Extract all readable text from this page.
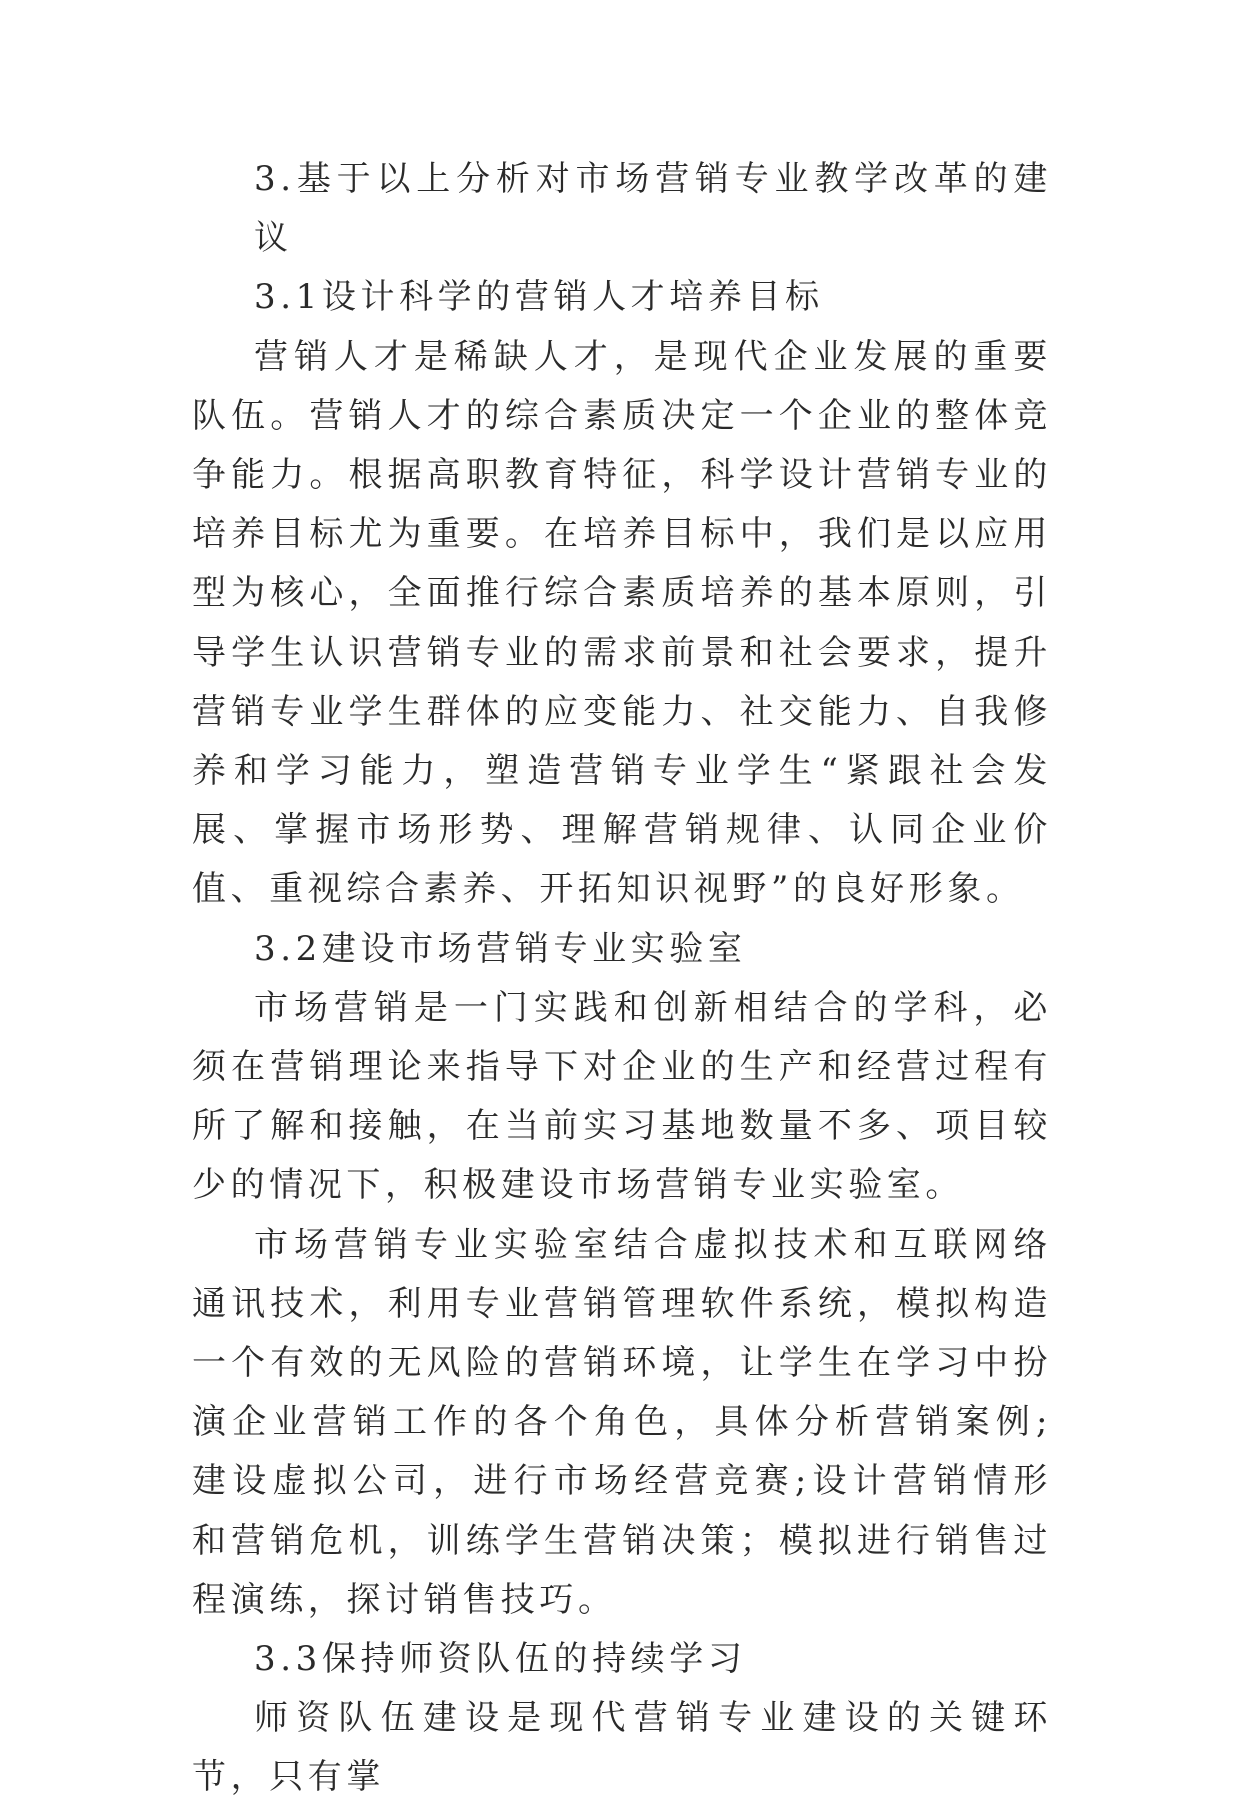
3.基于以上分析对市场营销专业教学改革的建议

3.1设计科学的营销人才培养目标

营销人才是稀缺人才，是现代企业发展的重要队伍。营销人才的综合素质决定一个企业的整体竞争能力。根据高职教育特征，科学设计营销专业的培养目标尤为重要。在培养目标中，我们是以应用型为核心，全面推行综合素质培养的基本原则，引导学生认识营销专业的需求前景和社会要求，提升营销专业学生群体的应变能力、社交能力、自我修养和学习能力，塑造营销专业学生“紧跟社会发展、掌握市场形势、理解营销规律、认同企业价值、重视综合素养、开拓知识视野”的良好形象。

3.2建设市场营销专业实验室

市场营销是一门实践和创新相结合的学科，必须在营销理论来指导下对企业的生产和经营过程有所了解和接触，在当前实习基地数量不多、项目较少的情况下，积极建设市场营销专业实验室。

市场营销专业实验室结合虚拟技术和互联网络通讯技术，利用专业营销管理软件系统，模拟构造一个有效的无风险的营销环境，让学生在学习中扮演企业营销工作的各个角色，具体分析营销案例;建设虚拟公司，进行市场经营竞赛;设计营销情形和营销危机，训练学生营销决策；模拟进行销售过程演练，探讨销售技巧。

3.3保持师资队伍的持续学习

师资队伍建设是现代营销专业建设的关键环节，只有掌
